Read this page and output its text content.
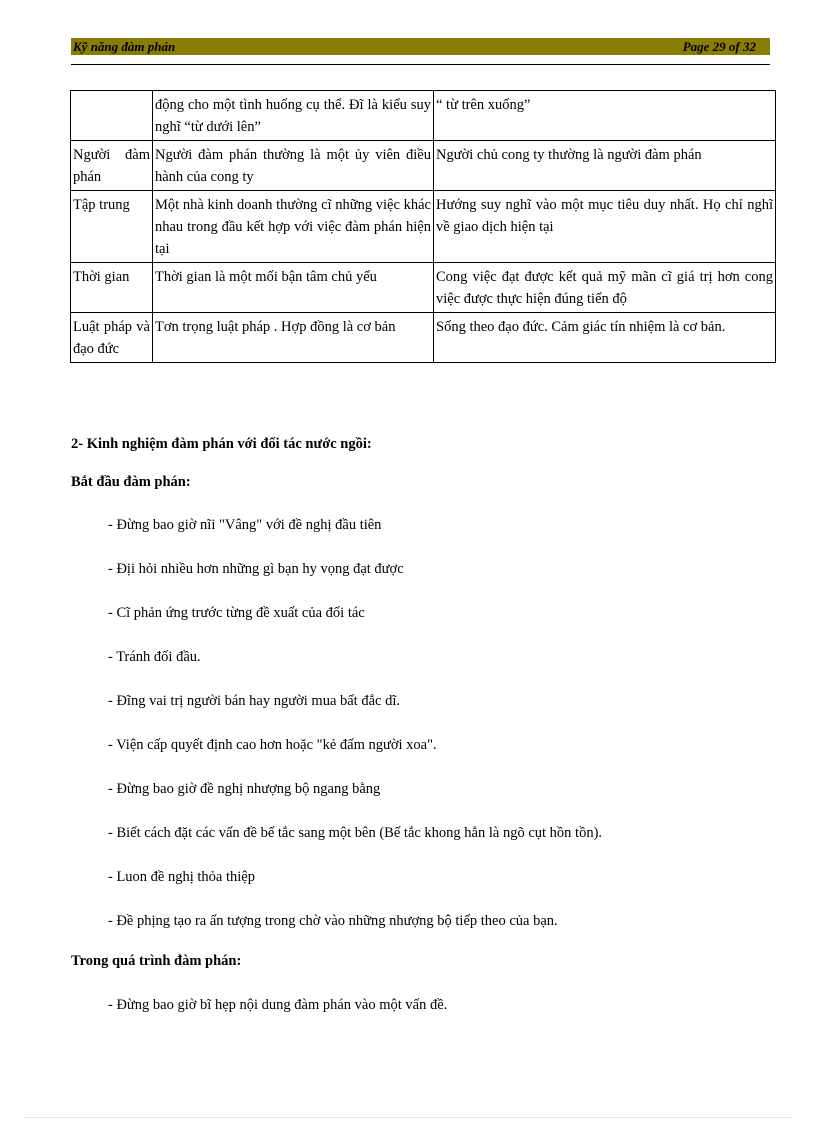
Kỹ năng đàm phán	Page 29 of 32
	động cho một tình huống cụ thể. Đĩ là kiểu suy nghĩ “từ dưới lên”	“ từ trên xuống”
Người đàm phán	Người đàm phán thường là một ủy viên điều hành của cong ty	Người chủ cong ty thường là người đàm phán
Tập trung	Một nhà kinh doanh thường cĩ những việc khác nhau trong đầu kết hợp với việc đàm phán hiện tại	Hướng suy nghĩ vào một mục tiêu duy nhất. Họ chỉ nghĩ về giao dịch hiện tại
Thời gian	Thời gian là một mối bận tâm chủ yếu	Cong việc đạt được kết quả mỹ mãn cĩ giá trị hơn cong việc được thực hiện đúng tiến độ
Luật pháp và đạo đức	Tơn trọng luật pháp . Hợp đồng là cơ bản	Sống theo đạo đức. Cảm giác tín nhiệm là cơ bản.
2- Kinh nghiệm đàm phán với đối tác nước ngồi:
Bắt đầu đàm phán:
- Đừng bao giờ nĩi "Vâng" với đề nghị đầu tiên
- Địi hỏi nhiều hơn những gì bạn hy vọng đạt được
- Cĩ phản ứng trước từng đề xuất của đối tác
- Tránh đối đầu.
- Đĩng vai trị người bán hay người mua bất đắc dĩ.
- Viện cấp quyết định cao hơn hoặc "kẻ đấm người xoa".
- Đừng bao giờ đề nghị nhượng bộ ngang bằng
- Biết cách đặt các vấn đề bế tắc sang một bên (Bế tắc khong hẳn là ngõ cụt hồn tồn).
- Luon đề nghị thỏa thiệp
- Đề phịng tạo ra ấn tượng trong chờ vào những nhượng bộ tiếp theo của bạn.
Trong quá trình đàm phán:
- Đừng bao giờ bĩ hẹp nội dung đàm phán vào một vấn đề.
